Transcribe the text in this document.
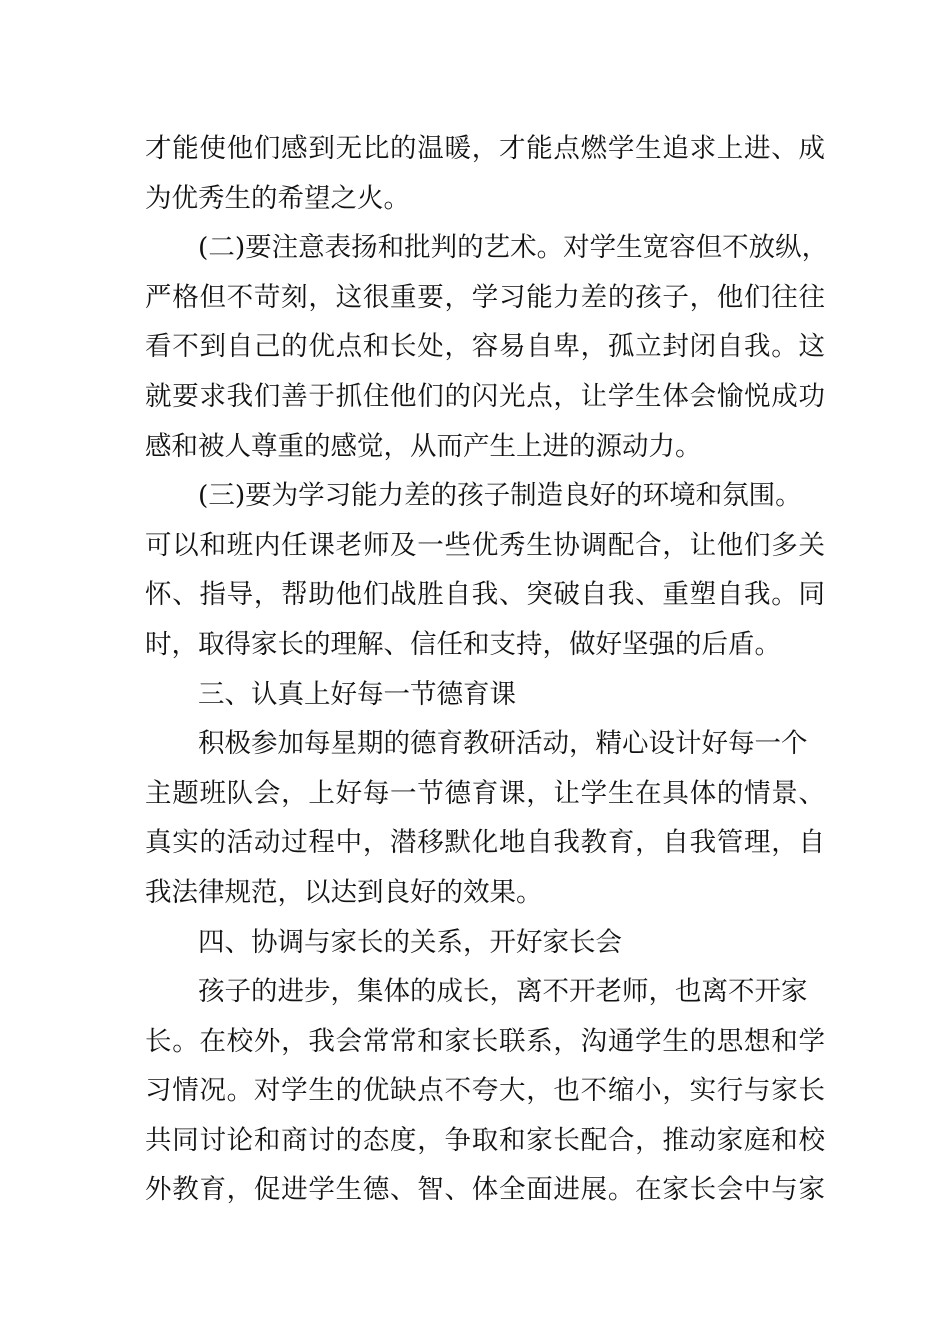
才能使他们感到无比的温暖，才能点燃学生追求上进、成
为优秀生的希望之火。
(二)要注意表扬和批判的艺术。对学生宽容但不放纵，
严格但不苛刻，这很重要，学习能力差的孩子，他们往往
看不到自己的优点和长处，容易自卑，孤立封闭自我。这
就要求我们善于抓住他们的闪光点，让学生体会愉悦成功
感和被人尊重的感觉，从而产生上进的源动力。
(三)要为学习能力差的孩子制造良好的环境和氛围。
可以和班内任课老师及一些优秀生协调配合，让他们多关
怀、指导，帮助他们战胜自我、突破自我、重塑自我。同
时，取得家长的理解、信任和支持，做好坚强的后盾。
三、认真上好每一节德育课
积极参加每星期的德育教研活动，精心设计好每一个
主题班队会，上好每一节德育课，让学生在具体的情景、
真实的活动过程中，潜移默化地自我教育，自我管理，自
我法律规范，以达到良好的效果。
四、协调与家长的关系，开好家长会
孩子的进步，集体的成长，离不开老师，也离不开家
长。在校外，我会常常和家长联系，沟通学生的思想和学
习情况。对学生的优缺点不夸大，也不缩小，实行与家长
共同讨论和商讨的态度，争取和家长配合，推动家庭和校
外教育，促进学生德、智、体全面进展。在家长会中与家
